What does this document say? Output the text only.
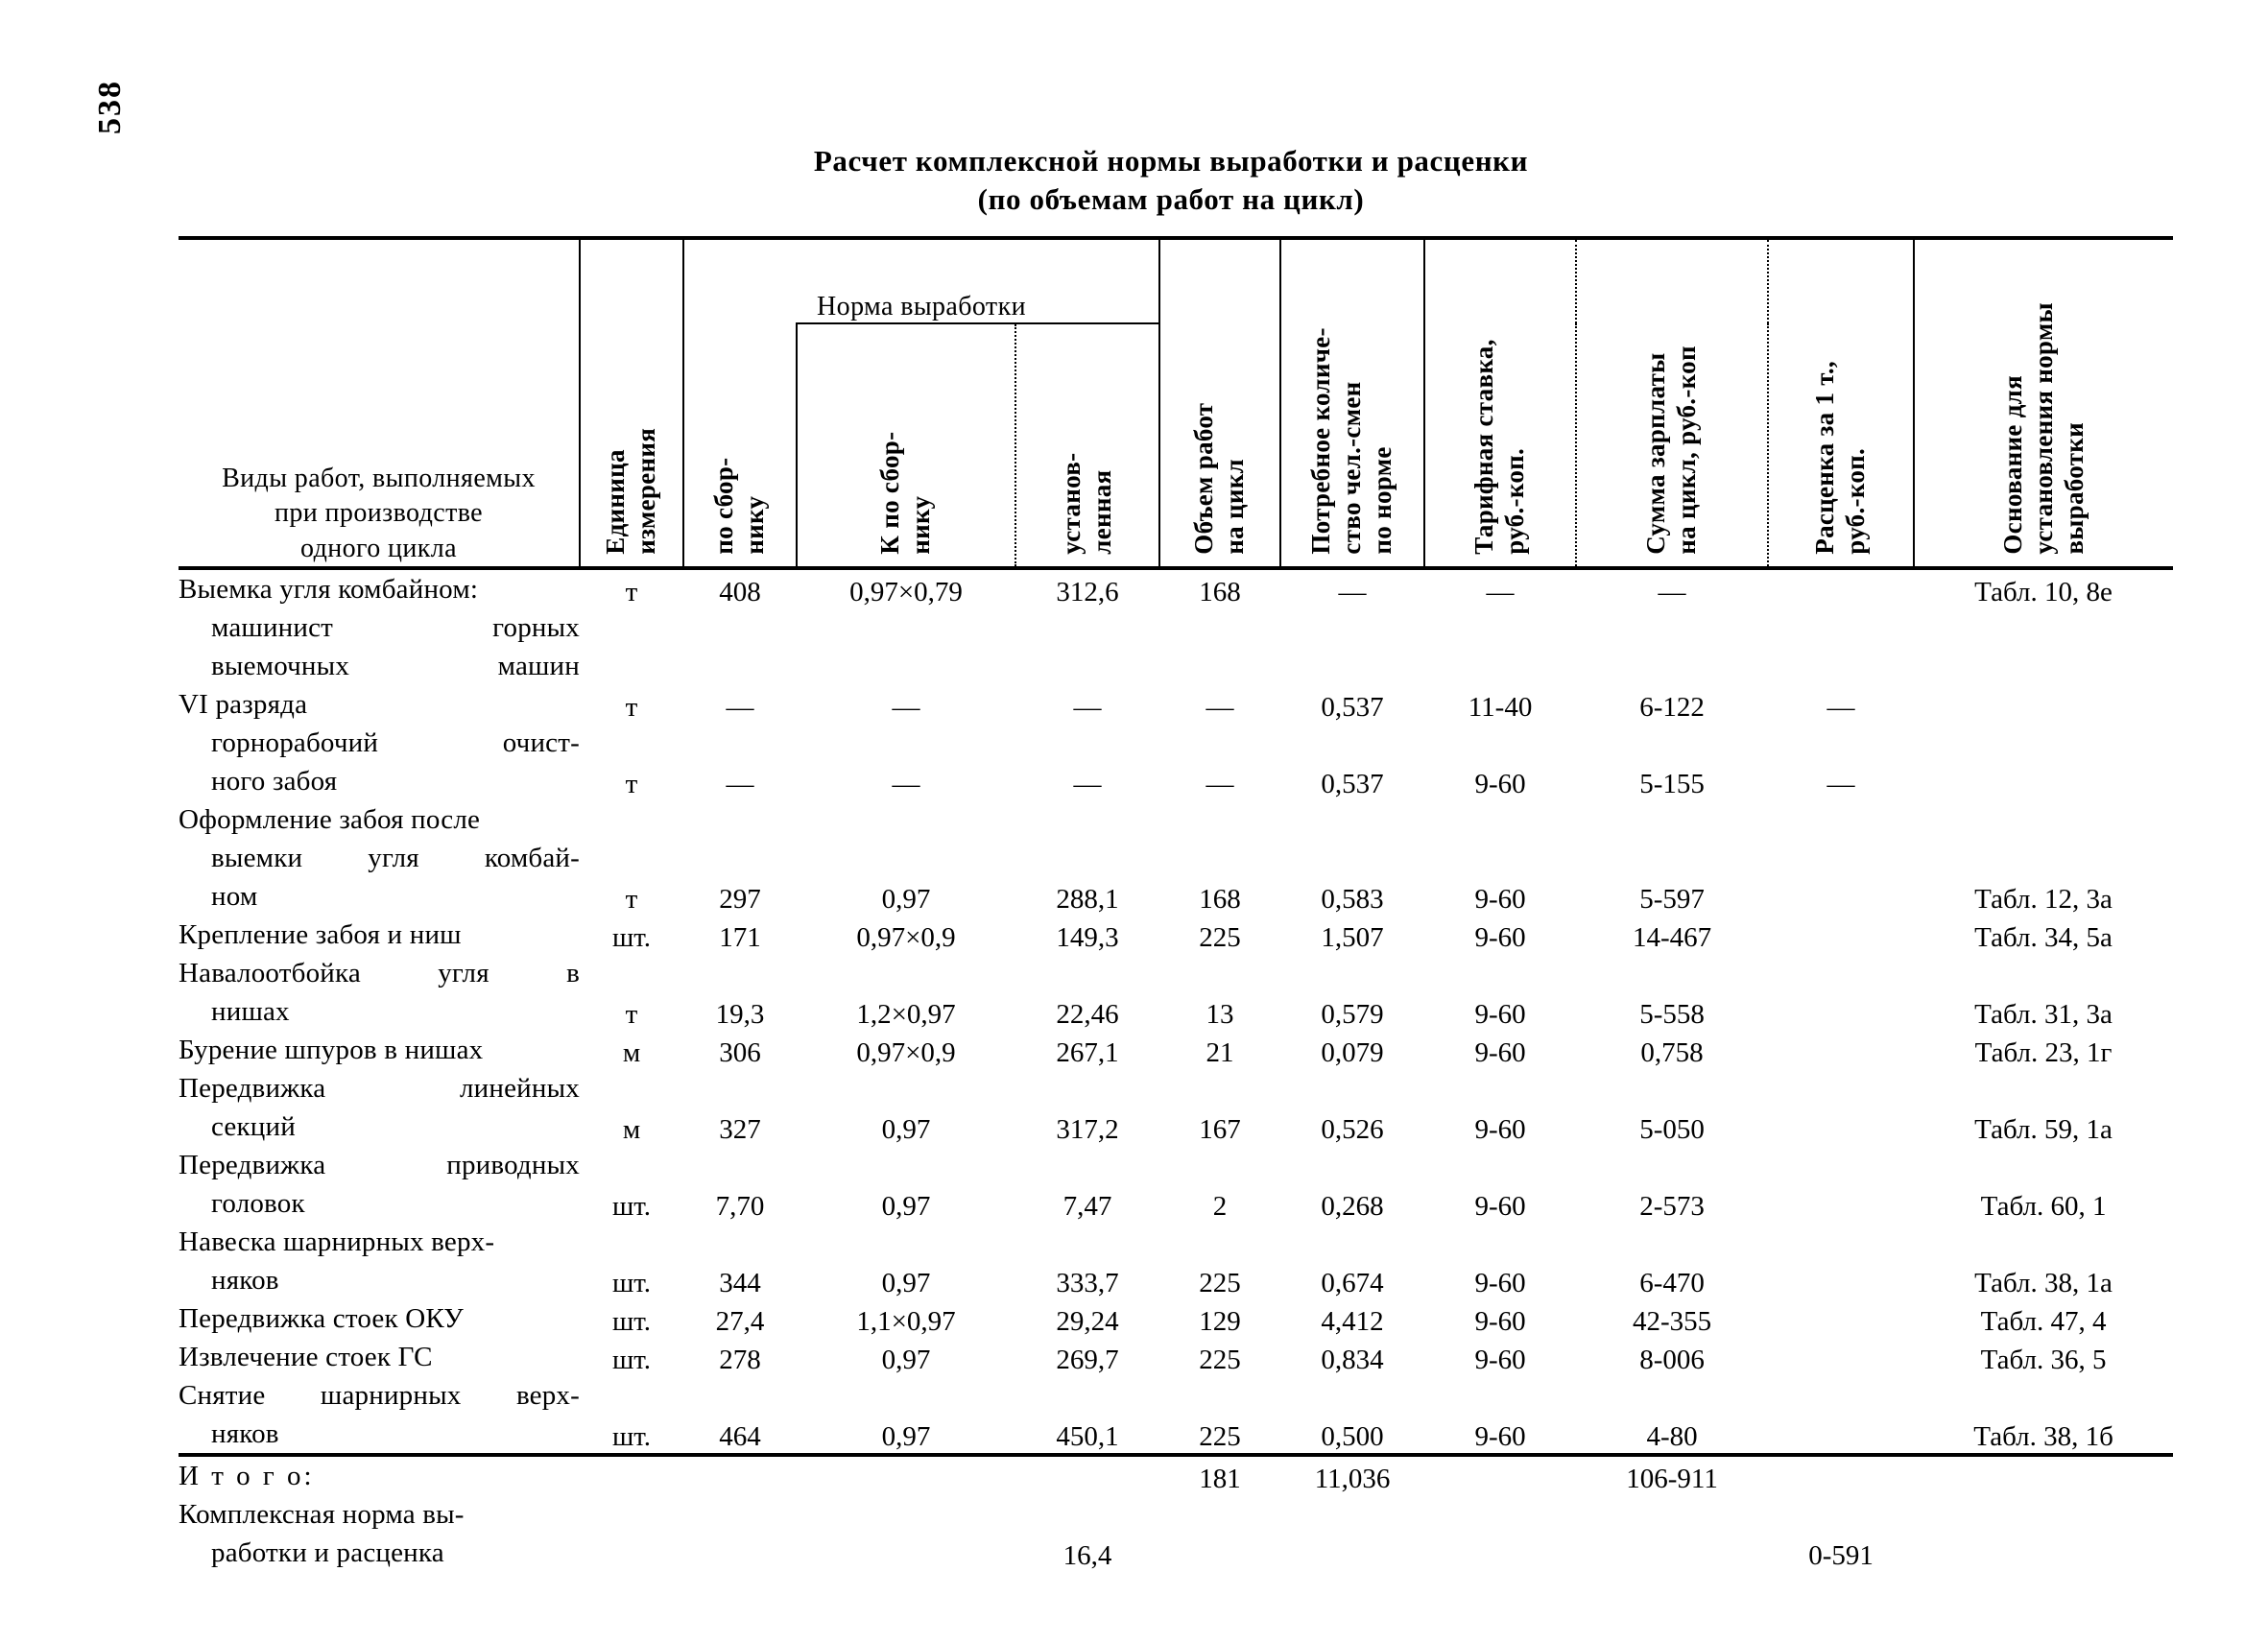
538
Расчет комплексной нормы выработки и расценки
(по объемам работ на цикл)
Виды работ, выполняемых
при производстве
одного цикла	Единица измерения
	Норма выработки	
Объем работ на цикл	Потребное количе- ство чел.-смен по норме	Тарифная ставка, руб.-коп.	Сумма зарплаты на цикл, руб.-коп	Расценка за 1 т., руб.-коп.	Основание для установления нормы выработки

		по сбор- нику	К по сбор- нику	установ- ленная						

Выемка угля комбайном:	т	408	0,97×0,79	312,6	168	—	—	—		Табл. 10, 8е

машинист горных										

выемочных машин										

VI разряда	т	—	—	—	—	0,537	11-40	6-122	—	

горнорабочий очист-										

ного забоя	т	—	—	—	—	0,537	9-60	5-155	—	

Оформление забоя после										

выемки угля комбай-										

ном	т	297	0,97	288,1	168	0,583	9-60	5-597		Табл. 12, 3а

Крепление забоя и ниш	шт.	171	0,97×0,9	149,3	225	1,507	9-60	14-467		Табл. 34, 5а

Навалоотбойка угля в										

нишах	т	19,3	1,2×0,97	22,46	13	0,579	9-60	5-558		Табл. 31, 3а

Бурение шпуров в нишах	м	306	0,97×0,9	267,1	21	0,079	9-60	0,758		Табл. 23, 1г

Передвижка линейных										

секций	м	327	0,97	317,2	167	0,526	9-60	5-050		Табл. 59, 1а

Передвижка приводных										

головок	шт.	7,70	0,97	7,47	2	0,268	9-60	2-573		Табл. 60, 1

Навеска шарнирных верх-										

няков	шт.	344	0,97	333,7	225	0,674	9-60	6-470		Табл. 38, 1а

Передвижка стоек ОКУ	шт.	27,4	1,1×0,97	29,24	129	4,412	9-60	42-355		Табл. 47, 4

Извлечение стоек ГС	шт.	278	0,97	269,7	225	0,834	9-60	8-006		Табл. 36, 5

Снятие шарнирных верх-										

няков	шт.	464	0,97	450,1	225	0,500	9-60	4-80		Табл. 38, 1б
И т о г о:					181	11,036		106-911		
Комплексная норма вы-										

работки и расценка				16,4					0-591	
